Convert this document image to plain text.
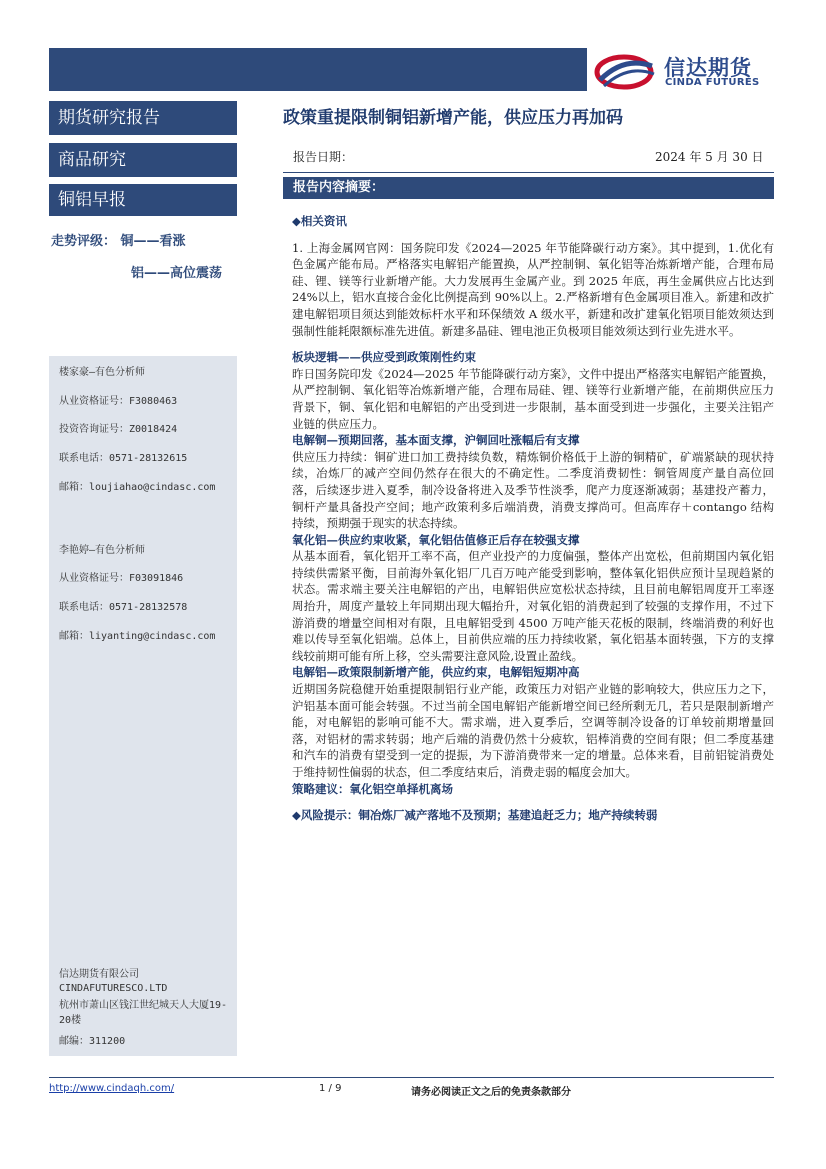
信达期货
CINDA FUTURES
期货研究报告
商品研究
铜铝早报
走势评级： 铜——看涨
铝——高位震荡
楼家豪—有色分析师
从业资格证号：F3080463
投资咨询证号：Z0018424
联系电话：0571-28132615
邮箱：loujiahao@cindasc.com
李艳婷—有色分析师
从业资格证号：F03091846
联系电话：0571-28132578
邮箱：liyanting@cindasc.com
信达期货有限公司
CINDAFUTURESCO.LTD
杭州市萧山区钱江世纪城天人大厦19-20楼
邮编：311200
政策重提限制铜铝新增产能，供应压力再加码
报告日期：	2024 年 5 月 30 日
报告内容摘要：

◆相关资讯

1. 上海金属网官网：国务院印发《2024—2025 年节能降碳行动方案》。其中提到，1.优化有色金属产能布局。严格落实电解铝产能置换，从严控制铜、氧化铝等冶炼新增产能，合理布局硅、锂、镁等行业新增产能。大力发展再生金属产业。到 2025 年底，再生金属供应占比达到 24%以上，铝水直接合金化比例提高到 90%以上。2.严格新增有色金属项目准入。新建和改扩建电解铝项目须达到能效标杆水平和环保绩效 A 级水平，新建和改扩建氧化铝项目能效须达到强制性能耗限额标准先进值。新建多晶硅、锂电池正负极项目能效须达到行业先进水平。

板块逻辑——供应受到政策刚性约束

昨日国务院印发《2024—2025 年节能降碳行动方案》，文件中提出严格落实电解铝产能置换，从严控制铜、氧化铝等冶炼新增产能，合理布局硅、锂、镁等行业新增产能，在前期供应压力背景下，铜、氧化铝和电解铝的产出受到进一步限制，基本面受到进一步强化，主要关注铝产业链的供应压力。

电解铜—预期回落，基本面支撑，沪铜回吐涨幅后有支撑

供应压力持续：铜矿进口加工费持续负数，精炼铜价格低于上游的铜精矿，矿端紧缺的现状持续，冶炼厂的减产空间仍然存在很大的不确定性。二季度消费韧性：铜管周度产量自高位回落，后续逐步进入夏季，制冷设备将进入及季节性淡季，爬产力度逐渐减弱；基建投产蓄力，铜杆产量具备投产空间；地产政策利多后端消费，消费支撑尚可。但高库存＋contango 结构持续，预期强于现实的状态持续。

氧化铝—供应约束收紧，氧化铝估值修正后存在较强支撑

从基本面看，氧化铝开工率不高，但产业投产的力度偏强，整体产出宽松，但前期国内氧化铝持续供需紧平衡，目前海外氧化铝厂几百万吨产能受到影响，整体氧化铝供应预计呈现趋紧的状态。需求端主要关注电解铝的产出，电解铝供应宽松状态持续，且目前电解铝周度开工率逐周抬升，周度产量较上年同期出现大幅抬升，对氧化铝的消费起到了较强的支撑作用，不过下游消费的增量空间相对有限，且电解铝受到 4500 万吨产能天花板的限制，终端消费的利好也难以传导至氧化铝端。总体上，目前供应端的压力持续收紧，氧化铝基本面转强，下方的支撑线较前期可能有所上移，空头需要注意风险,设置止盈线。

电解铝—政策限制新增产能，供应约束，电解铝短期冲高

近期国务院稳健开始重提限制铝行业产能，政策压力对铝产业链的影响较大，供应压力之下，沪铝基本面可能会转强。不过当前全国电解铝产能新增空间已经所剩无几，若只是限制新增产能，对电解铝的影响可能不大。需求端，进入夏季后，空调等制冷设备的订单较前期增量回落，对铝材的需求转弱；地产后端的消费仍然十分疲软，铝棒消费的空间有限；但二季度基建和汽车的消费有望受到一定的提振，为下游消费带来一定的增量。总体来看，目前铝锭消费处于维持韧性偏弱的状态，但二季度结束后，消费走弱的幅度会加大。

策略建议：氧化铝空单择机离场

◆风险提示：铜冶炼厂减产落地不及预期；基建追赶乏力；地产持续转弱

http://www.cindaqh.com/	1 / 9	请务必阅读正文之后的免责条款部分
